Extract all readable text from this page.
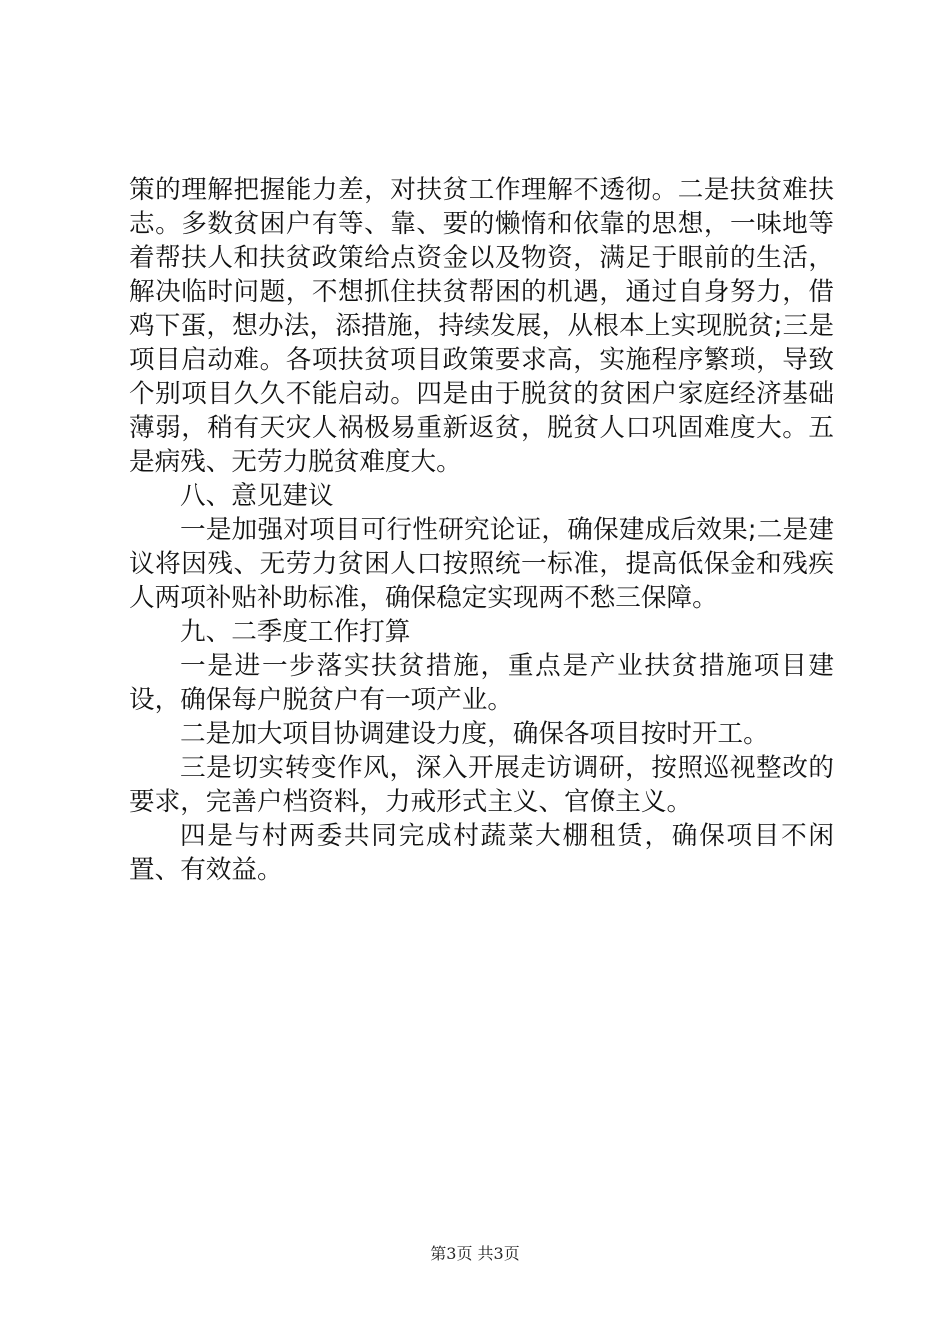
策的理解把握能力差，对扶贫工作理解不透彻。二是扶贫难扶志。多数贫困户有等、靠、要的懒惰和依靠的思想，一味地等着帮扶人和扶贫政策给点资金以及物资，满足于眼前的生活，解决临时问题，不想抓住扶贫帮困的机遇，通过自身努力，借鸡下蛋，想办法，添措施，持续发展，从根本上实现脱贫;三是项目启动难。各项扶贫项目政策要求高，实施程序繁琐，导致个别项目久久不能启动。四是由于脱贫的贫困户家庭经济基础薄弱，稍有天灾人祸极易重新返贫，脱贫人口巩固难度大。五是病残、无劳力脱贫难度大。

八、意见建议

一是加强对项目可行性研究论证，确保建成后效果;二是建议将因残、无劳力贫困人口按照统一标准，提高低保金和残疾人两项补贴补助标准，确保稳定实现两不愁三保障。

九、二季度工作打算

一是进一步落实扶贫措施，重点是产业扶贫措施项目建设，确保每户脱贫户有一项产业。

二是加大项目协调建设力度，确保各项目按时开工。

三是切实转变作风，深入开展走访调研，按照巡视整改的要求，完善户档资料，力戒形式主义、官僚主义。

四是与村两委共同完成村蔬菜大棚租赁，确保项目不闲置、有效益。

第3页 共3页
